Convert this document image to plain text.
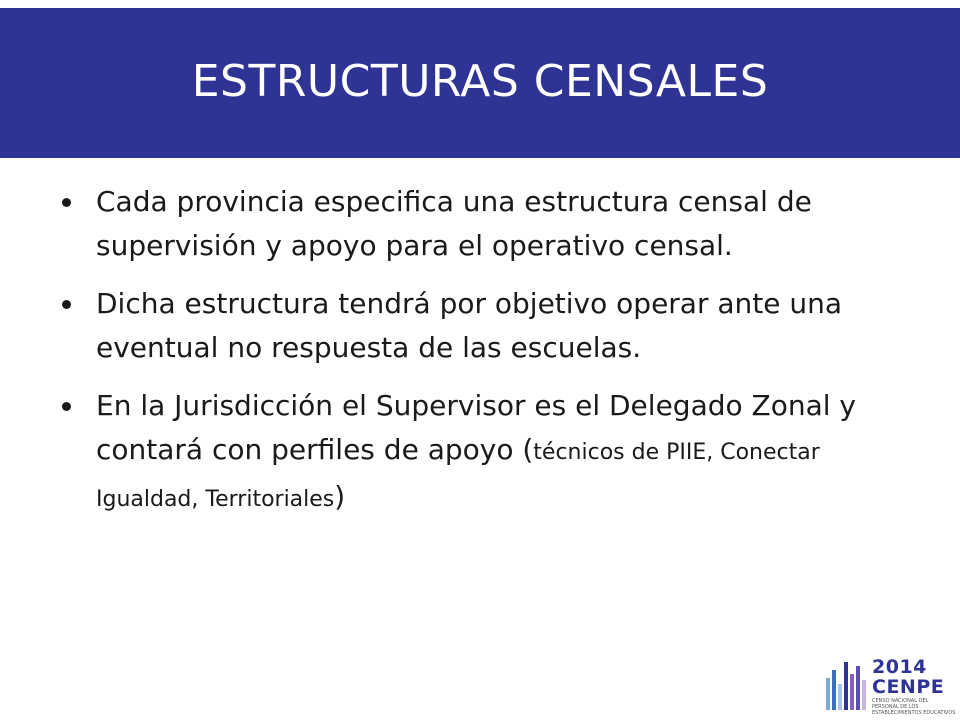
ESTRUCTURAS CENSALES
Cada provincia especifica una estructura censal de supervisión y apoyo para el operativo censal.
Dicha estructura tendrá por objetivo operar ante una eventual no respuesta de las escuelas.
En la Jurisdicción el Supervisor es el Delegado Zonal y contará con perfiles de apoyo (técnicos de PIIE, Conectar Igualdad, Territoriales)
2014
CENPE
CENSO NACIONAL DEL PERSONAL DE LOS ESTABLECIMIENTOS EDUCATIVOS
